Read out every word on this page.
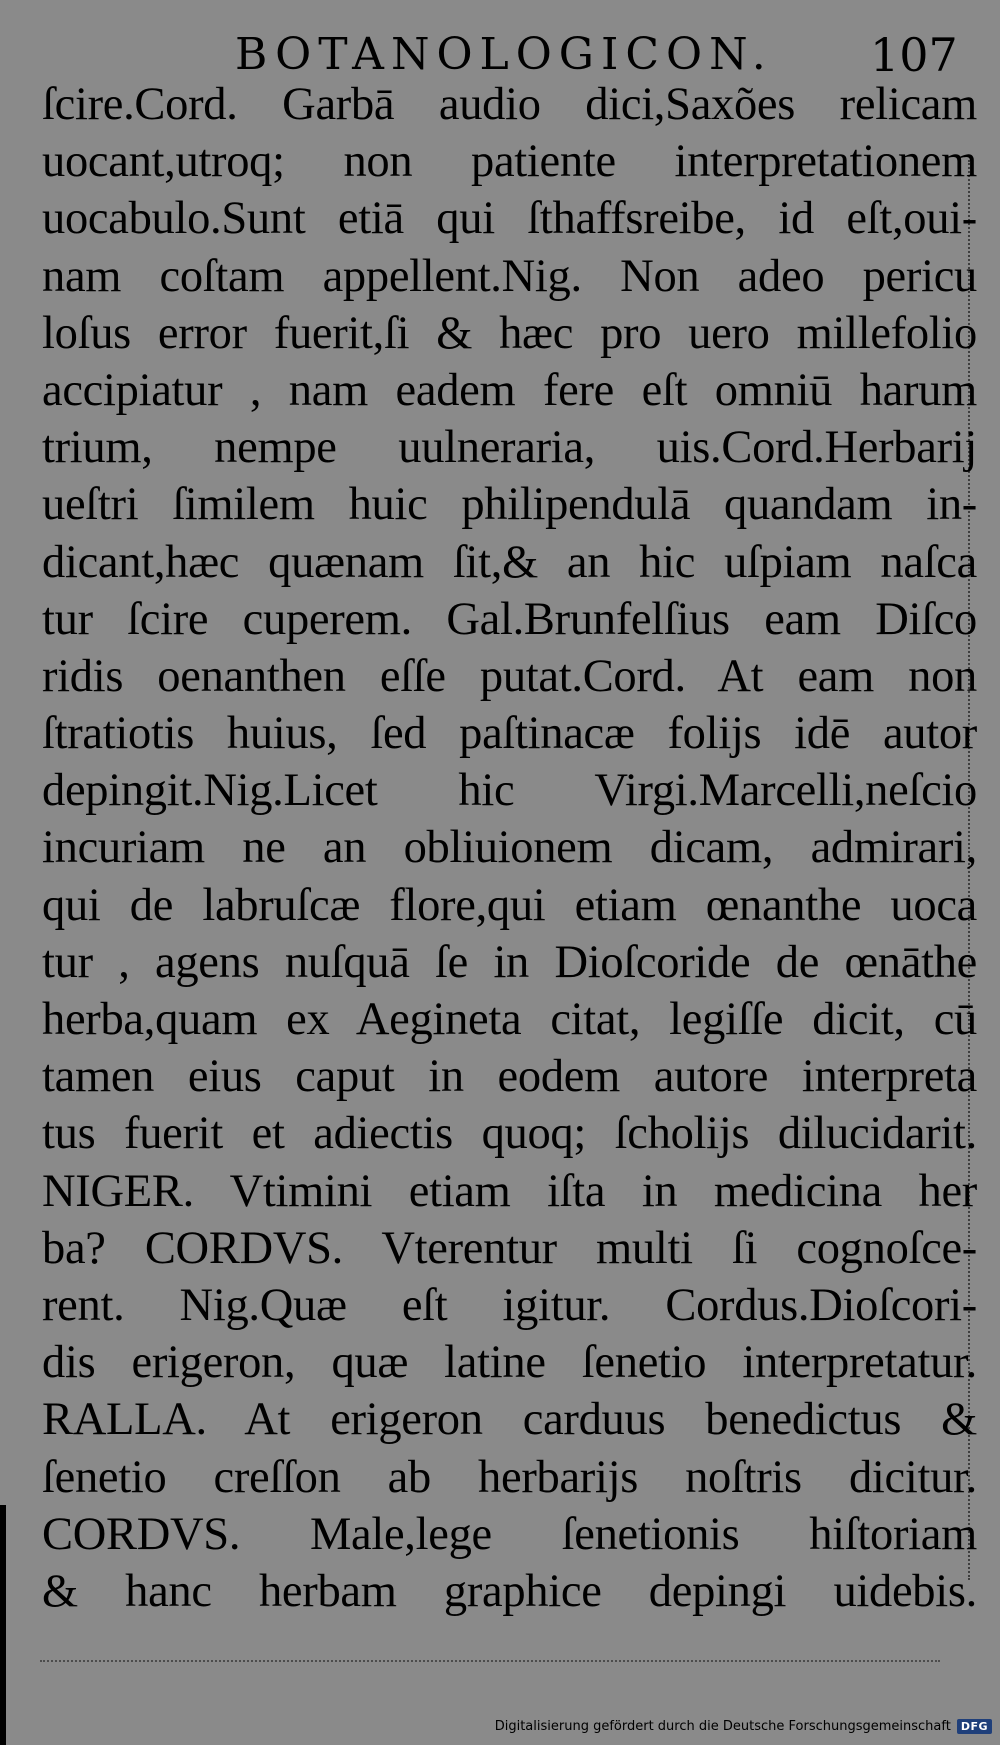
BOTANOLOGICON. 107
ſcire.Cord. Garbā audio dici,Saxões relicam
uocant,utroq; non patiente interpretationem
uocabulo.Sunt etiā qui ſthaffsreibe, id eſt,oui-
nam coſtam appellent.Nig. Non adeo pericu
loſus error fuerit,ſi & hæc pro uero millefolio
accipiatur , nam eadem fere eſt omniū harum
trium, nempe uulneraria, uis.Cord.Herbarij
ueſtri ſimilem huic philipendulā quandam in-
dicant,hæc quænam ſit,& an hic uſpiam naſca
tur ſcire cuperem. Gal.Brunfelſius eam Diſco
ridis oenanthen eſſe putat.Cord. At eam non
ſtratiotis huius, ſed paſtinacæ folijs idē autor
depingit.Nig.Licet hic Virgi.Marcelli,neſcio
incuriam ne an obliuionem dicam, admirari,
qui de labruſcæ flore,qui etiam œnanthe uoca
tur , agens nuſquā ſe in Dioſcoride de œnāthe
herba,quam ex Aegineta citat, legiſſe dicit, cū
tamen eius caput in eodem autore interpreta
tus fuerit et adiectis quoq; ſcholijs dilucidarit.
NIGER. Vtimini etiam iſta in medicina her
ba? CORDVS. Vterentur multi ſi cognoſce-
rent. Nig.Quæ eſt igitur. Cordus.Dioſcori-
dis erigeron, quæ latine ſenetio interpretatur.
RALLA. At erigeron carduus benedictus &
ſenetio creſſon ab herbarijs noſtris dicitur.
CORDVS. Male,lege ſenetionis hiſtoriam
& hanc herbam graphice depingi uidebis.
Digitalisierung gefördert durch die Deutsche Forschungsgemeinschaft DFG
